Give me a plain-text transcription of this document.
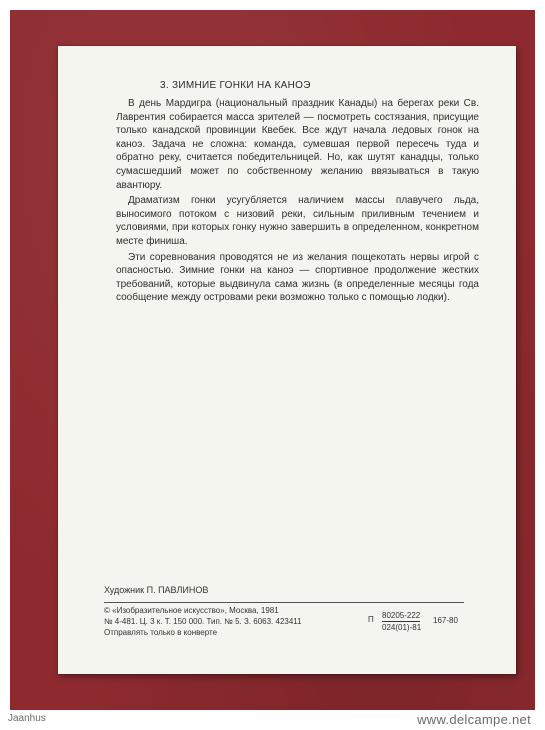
3. ЗИМНИЕ ГОНКИ НА КАНОЭ

В день Мардигра (национальный праздник Канады) на берегах реки Св. Лаврентия собирается масса зрителей — посмотреть состязания, присущие только канадской провинции Квебек. Все ждут начала ледовых гонок на каноэ. Задача не сложна: команда, сумевшая первой пересечь туда и обратно реку, считается победительницей. Но, как шутят канадцы, только сумасшедший может по собственному желанию ввязываться в такую авантюру.

Драматизм гонки усугубляется наличием массы плавучего льда, выносимого потоком с низовий реки, сильным приливным течением и условиями, при которых гонку нужно завершить в определенном, конкретном месте финиша.

Эти соревнования проводятся не из желания пощекотать нервы игрой с опасностью. Зимние гонки на каноэ — спортивное продолжение жестких требований, которые выдвинула сама жизнь (в определенные месяцы года сообщение между островами реки возможно только с помощью лодки).

Художник П. ПАВЛИНОВ
© «Изобразительное искусство», Москва, 1981
№ 4-481. Ц. 3 к. Т. 150 000. Тип. № 5. З. 6063. 423411
Отправлять только в конверте
П 80205-222
167-80
024(01)-81
Jaanhus	www.delcampe.net
